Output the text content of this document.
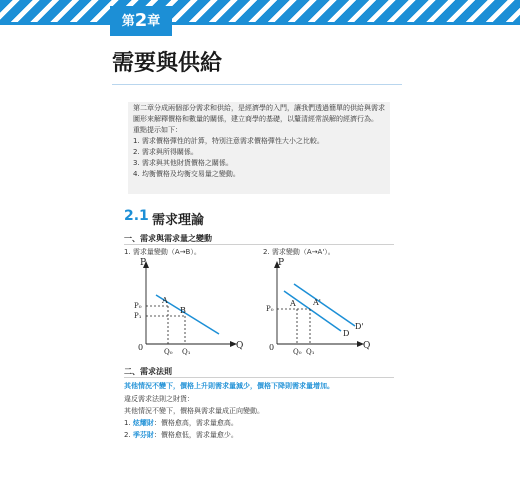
第2章
需要與供給

第二章分成兩個部分需求和供給，是經濟學的入門，讓我們透過簡單的供給與需求圖形來解釋價格和數量的關係，建立商學的基礎，以釐清經常誤解的經濟行為。

重點提示如下：

1. 需求價格彈性的計算，特別注意需求價格彈性大小之比較。

2. 需求與所得關係。

3. 需求與其他財貨價格之關係。

4. 均衡價格及均衡交易量之變動。

2.1 需求理論
一、需求與需求量之變動
1. 需求量變動（A→B）。	2. 需求變動（A→A'）。
P
Q
0
P₀
P₁
Q₀ Q₁
A
B
P
Q
0
P₀
Q₀ Q₁
A A'
D
D'
二、需求法則
其他情況不變下，價格上升則需求量減少，價格下降則需求量增加。
違反需求法則之財貨：
其他情況不變下，價格與需求量成正向變動。
1. 炫耀財：價格愈高，需求量愈高。
2. 季芬財：價格愈低，需求量愈少。
